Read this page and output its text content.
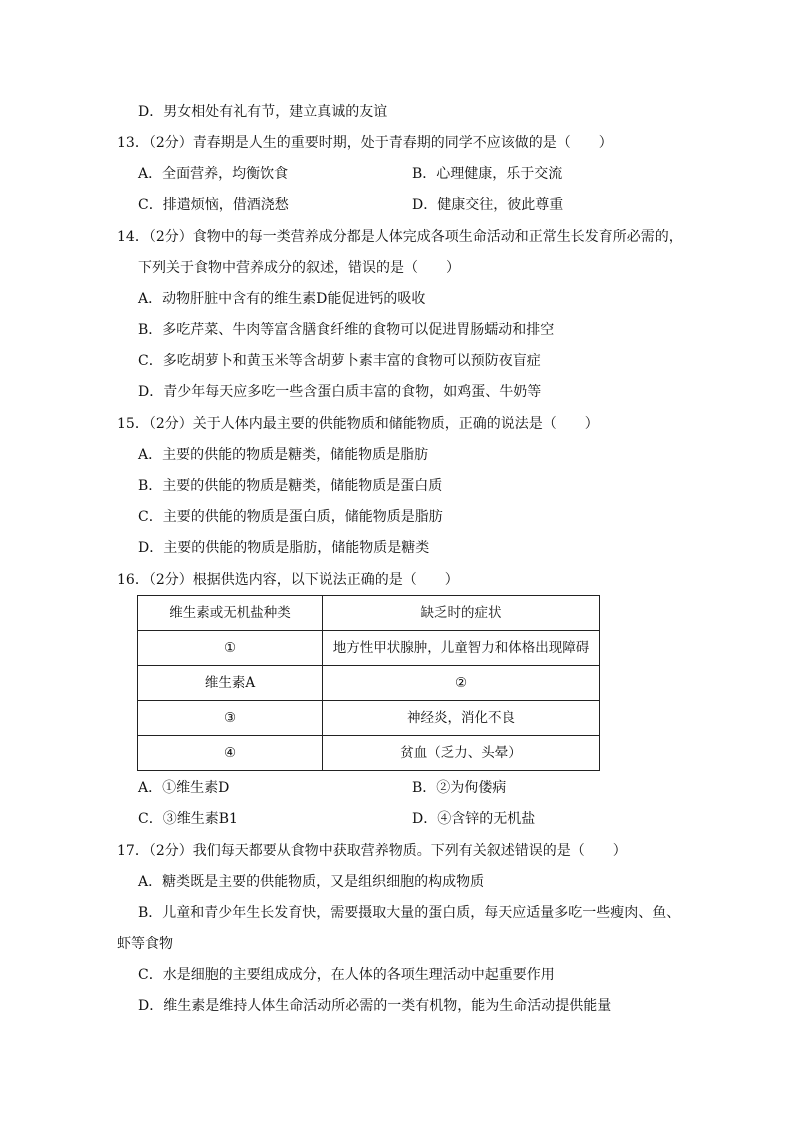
D．男女相处有礼有节，建立真诚的友谊
13．（2分）青春期是人生的重要时期，处于青春期的同学不应该做的是（　　）
A．全面营养，均衡饮食	B．心理健康，乐于交流
C．排遣烦恼，借酒浇愁	D．健康交往，彼此尊重
14．（2分）食物中的每一类营养成分都是人体完成各项生命活动和正常生长发育所必需的，
下列关于食物中营养成分的叙述，错误的是（　　）
A．动物肝脏中含有的维生素D能促进钙的吸收
B．多吃芹菜、牛肉等富含膳食纤维的食物可以促进胃肠蠕动和排空
C．多吃胡萝卜和黄玉米等含胡萝卜素丰富的食物可以预防夜盲症
D．青少年每天应多吃一些含蛋白质丰富的食物，如鸡蛋、牛奶等
15．（2分）关于人体内最主要的供能物质和储能物质，正确的说法是（　　）
A．主要的供能的物质是糖类，储能物质是脂肪
B．主要的供能的物质是糖类，储能物质是蛋白质
C．主要的供能的物质是蛋白质，储能物质是脂肪
D．主要的供能的物质是脂肪，储能物质是糖类
16．（2分）根据供选内容，以下说法正确的是（　　）
维生素或无机盐种类	缺乏时的症状
①	地方性甲状腺肿，儿童智力和体格出现障碍
维生素A	②
③	神经炎，消化不良
④	贫血（乏力、头晕）
A．①维生素D	B．②为佝偻病
C．③维生素B1	D．④含锌的无机盐
17．（2分）我们每天都要从食物中获取营养物质。下列有关叙述错误的是（　　）
A．糖类既是主要的供能物质，又是组织细胞的构成物质
B．儿童和青少年生长发育快，需要摄取大量的蛋白质，每天应适量多吃一些瘦肉、鱼、
虾等食物
C．水是细胞的主要组成成分，在人体的各项生理活动中起重要作用
D．维生素是维持人体生命活动所必需的一类有机物，能为生命活动提供能量
